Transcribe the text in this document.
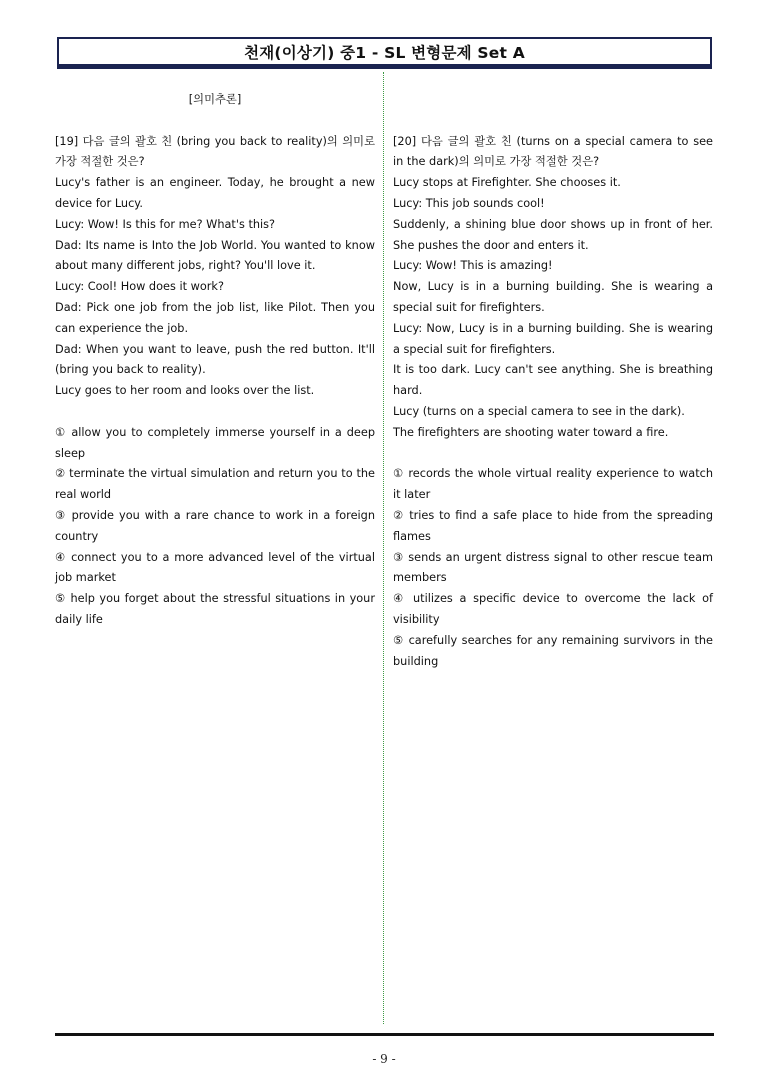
천재(이상기) 중1 - SL 변형문제 Set A
[의미추론]

[19] 다음 글의 괄호 친 (bring you back to reality)의 의미로 가장 적절한 것은?

Lucy's father is an engineer. Today, he brought a new device for Lucy.

Lucy: Wow! Is this for me? What's this?

Dad: Its name is Into the Job World. You wanted to know about many different jobs, right? You'll love it.

Lucy: Cool! How does it work?

Dad: Pick one job from the job list, like Pilot. Then you can experience the job.

Dad: When you want to leave, push the red button. It'll (bring you back to reality).

Lucy goes to her room and looks over the list.

① allow you to completely immerse yourself in a deep sleep

② terminate the virtual simulation and return you to the real world

③ provide you with a rare chance to work in a foreign country

④ connect you to a more advanced level of the virtual job market

⑤ help you forget about the stressful situations in your daily life

[20] 다음 글의 괄호 친 (turns on a special camera to see in the dark)의 의미로 가장 적절한 것은?

Lucy stops at Firefighter. She chooses it.

Lucy: This job sounds cool!

Suddenly, a shining blue door shows up in front of her. She pushes the door and enters it.

Lucy: Wow! This is amazing!

Now, Lucy is in a burning building. She is wearing a special suit for firefighters.

Lucy: Now, Lucy is in a burning building. She is wearing a special suit for firefighters.

It is too dark. Lucy can't see anything. She is breathing hard.

Lucy (turns on a special camera to see in the dark).

The firefighters are shooting water toward a fire.

① records the whole virtual reality experience to watch it later

② tries to find a safe place to hide from the spreading flames

③ sends an urgent distress signal to other rescue team members

④ utilizes a specific device to overcome the lack of visibility

⑤ carefully searches for any remaining survivors in the building

- 9 -
